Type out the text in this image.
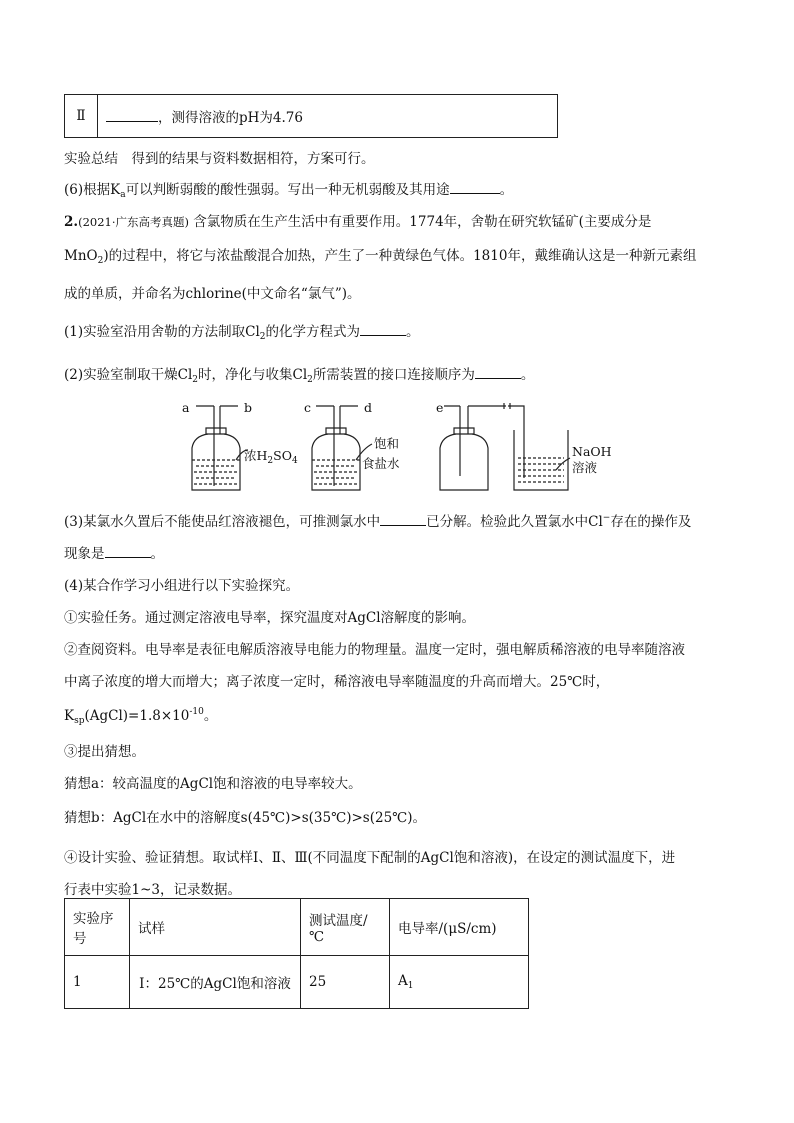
Ⅱ	，测得溶液的pH为4.76
实验总结　得到的结果与资料数据相符，方案可行。
(6)根据$K_a$可以判断弱酸的酸性强弱。写出一种无机弱酸及其用途	。
2.(2021·广东高考真题) 含氯物质在生产生活中有重要作用。1774年，舍勒在研究软锰矿(主要成分是
MnO$_2$)的过程中，将它与浓盐酸混合加热，产生了一种黄绿色气体。1810年，戴维确认这是一种新元素组
成的单质，并命名为chlorine(中文命名“氯气”)。
(1)实验室沿用舍勒的方法制取$Cl_2$的化学方程式为	。
(2)实验室制取干燥$Cl_2$时，净化与收集$Cl_2$所需装置的接口连接顺序为	。
a	b	c	d	e
浓$H_2SO_4$
饱和
食盐水
NaOH
溶液
(3)某氯水久置后不能使品红溶液褪色，可推测氯水中	已分解。检验此久置氯水中Cl−存在的操作及
现象是	。
(4)某合作学习小组进行以下实验探究。
①实验任务。通过测定溶液电导率，探究温度对AgCl溶解度的影响。
②查阅资料。电导率是表征电解质溶液导电能力的物理量。温度一定时，强电解质稀溶液的电导率随溶液
中离子浓度的增大而增大；离子浓度一定时，稀溶液电导率随温度的升高而增大。25℃时，
$K_{sp}(AgCl)=1.8\times 10^{-10}$。
③提出猜想。
猜想a：较高温度的AgCl饱和溶液的电导率较大。
猜想b：AgCl在水中的溶解度s(45℃)>s(35℃)>s(25℃)。
④设计实验、验证猜想。取试样Ⅰ、Ⅱ、Ⅲ(不同温度下配制的AgCl饱和溶液)，在设定的测试温度下，进
行表中实验1~3，记录数据。
实验序号	试样	测试温度/℃	电导率/(μS/cm)
1	Ⅰ：25℃的AgCl饱和溶液	25	$A_1$
